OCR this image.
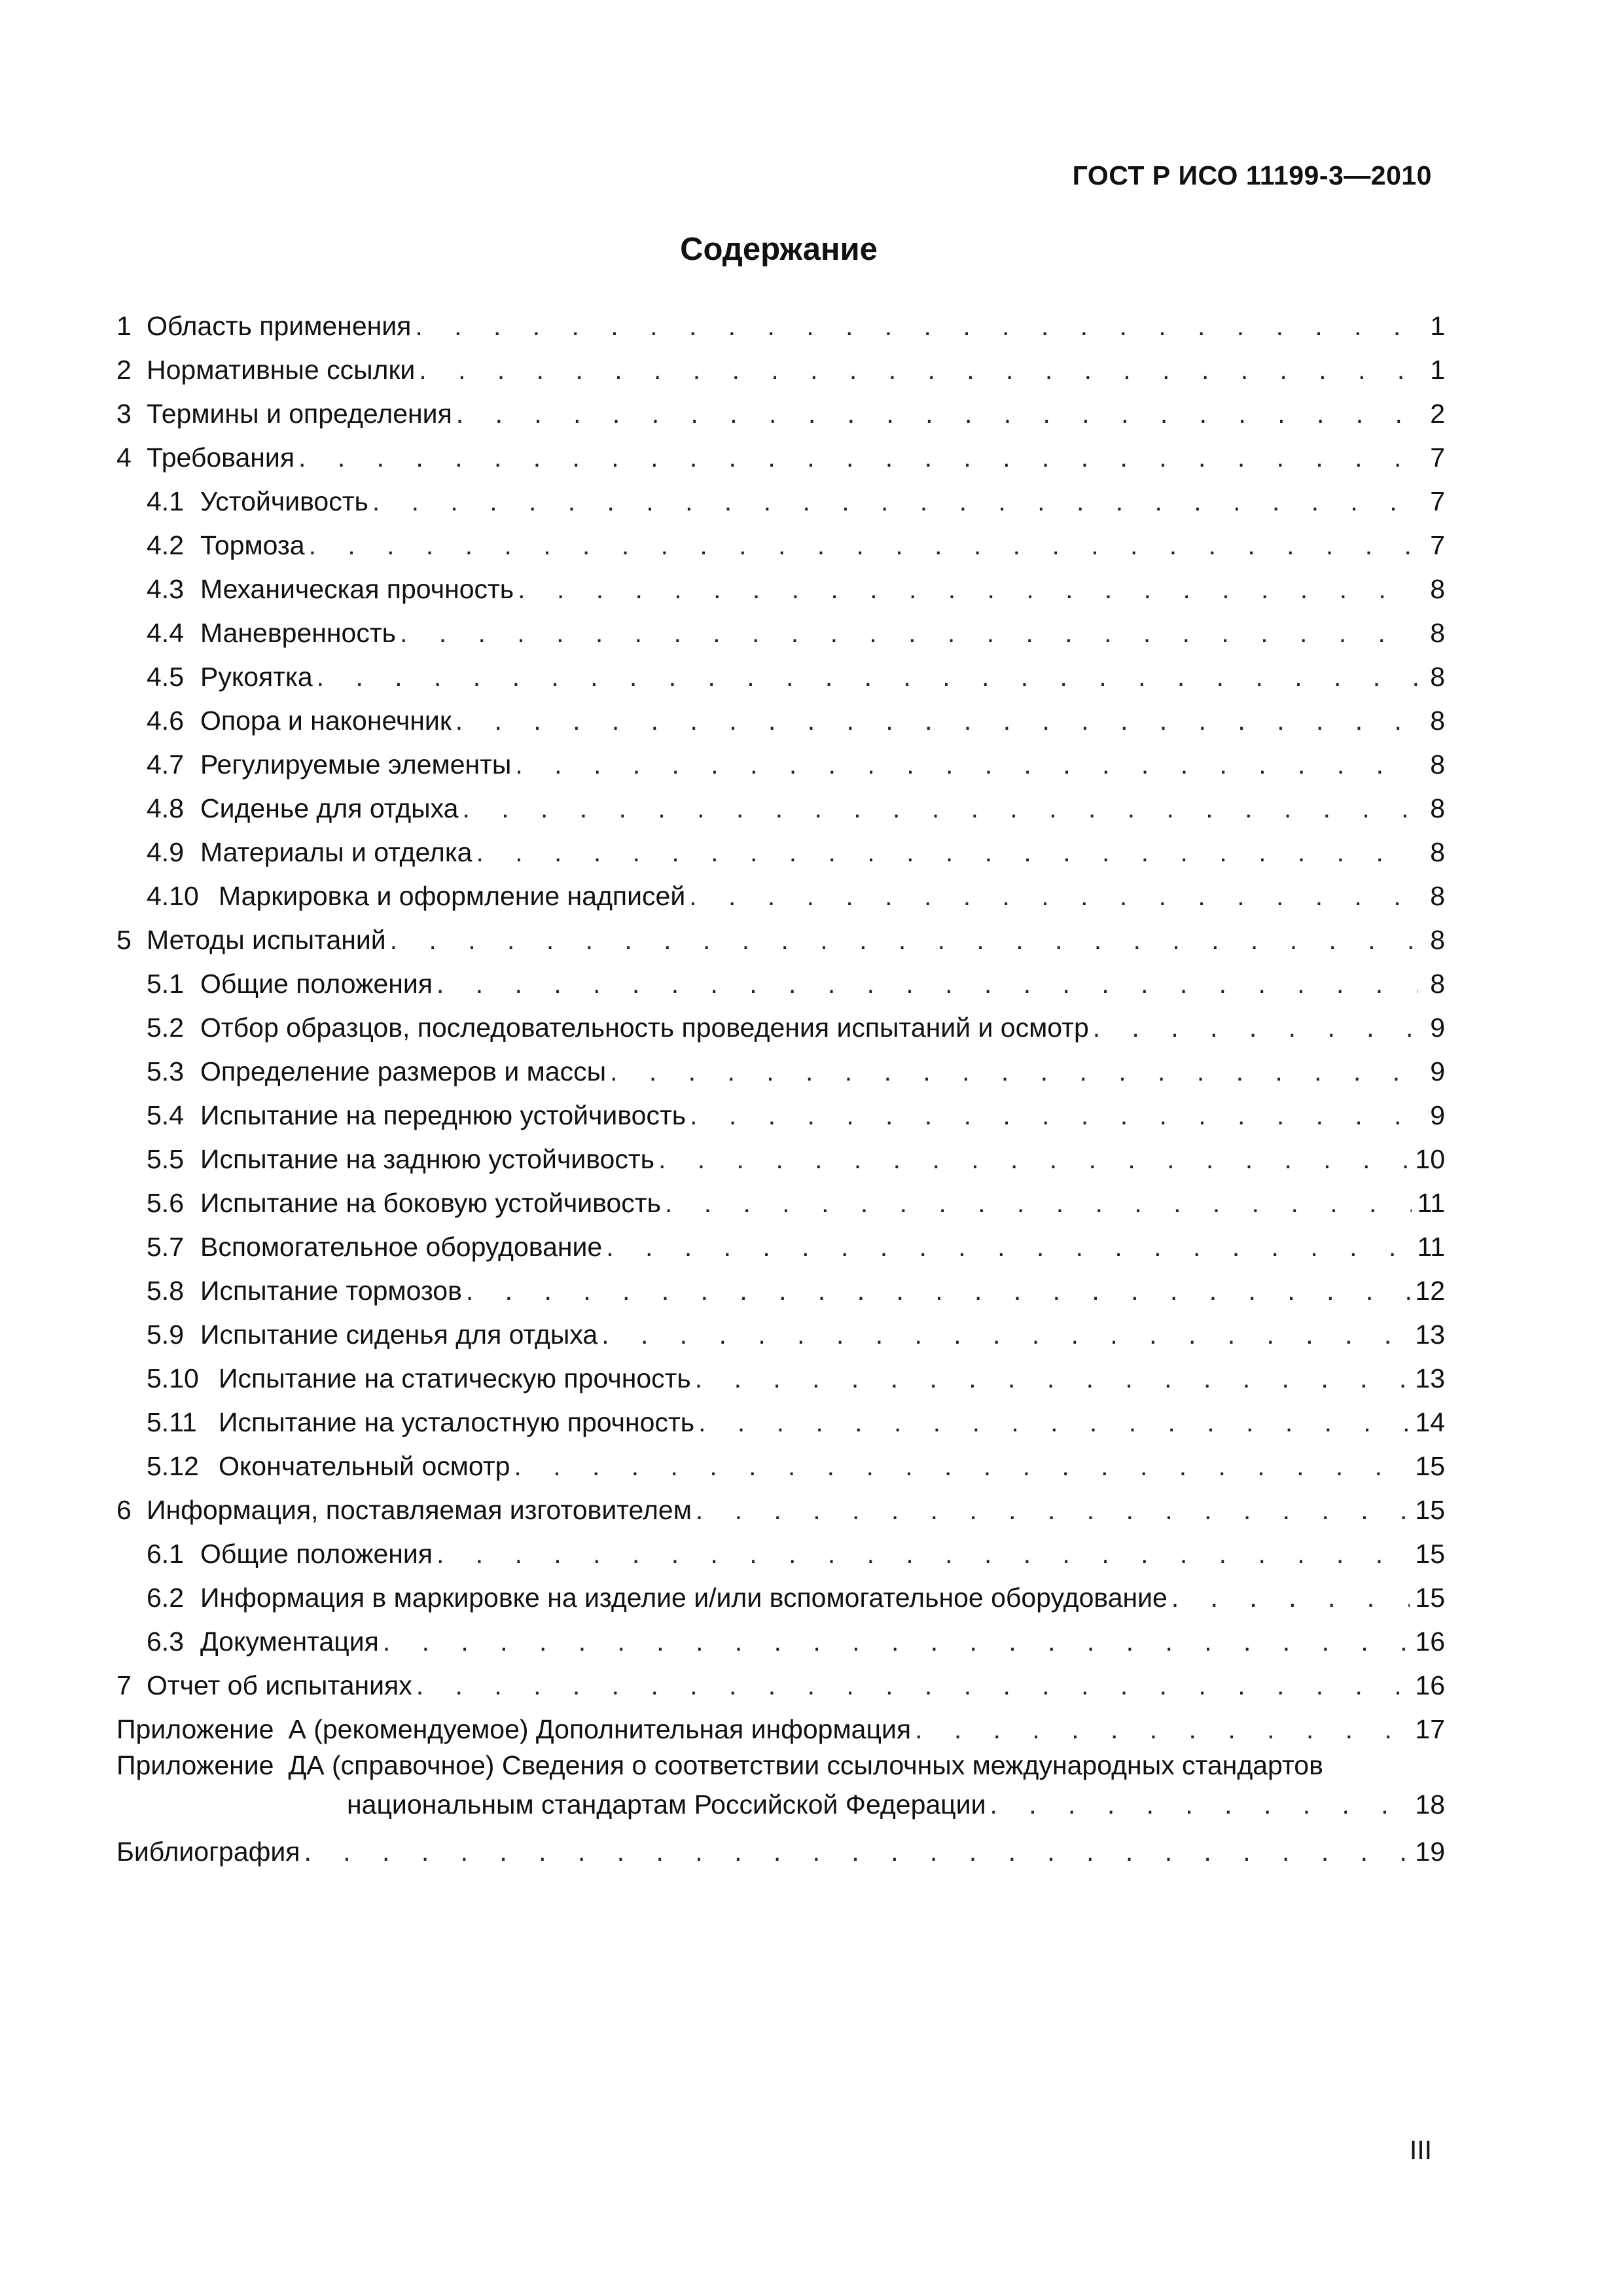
ГОСТ Р ИСО 11199-3—2010
Содержание
1 Область применения . . .	1
2 Нормативные ссылки . . .	1
3 Термины и определения . . .	2
4 Требования . . .	7
4.1 Устойчивость . . .	7
4.2 Тормоза . . .	7
4.3 Механическая прочность . . .	8
4.4 Маневренность . . .	8
4.5 Рукоятка . . .	8
4.6 Опора и наконечник . . .	8
4.7 Регулируемые элементы . . .	8
4.8 Сиденье для отдыха . . .	8
4.9 Материалы и отделка . . .	8
4.10 Маркировка и оформление надписей . . .	8
5 Методы испытаний . . .	8
5.1 Общие положения . . .	8
5.2 Отбор образцов, последовательность проведения испытаний и осмотр . . .	9
5.3 Определение размеров и массы . . .	9
5.4 Испытание на переднюю устойчивость . . .	9
5.5 Испытание на заднюю устойчивость . . .	10
5.6 Испытание на боковую устойчивость . . .	11
5.7 Вспомогательное оборудование . . .	11
5.8 Испытание тормозов . . .	12
5.9 Испытание сиденья для отдыха . . .	13
5.10 Испытание на статическую прочность . . .	13
5.11 Испытание на усталостную прочность . . .	14
5.12 Окончательный осмотр . . .	15
6 Информация, поставляемая изготовителем . . .	15
6.1 Общие положения . . .	15
6.2 Информация в маркировке на изделие и/или вспомогательное оборудование . . .	15
6.3 Документация . . .	16
7 Отчет об испытаниях . . .	16
Приложение А (рекомендуемое) Дополнительная информация . . .	17
Приложение ДА (справочное) Сведения о соответствии ссылочных международных стандартов
национальным стандартам Российской Федерации . . .	18
Библиография . . .	19
III
